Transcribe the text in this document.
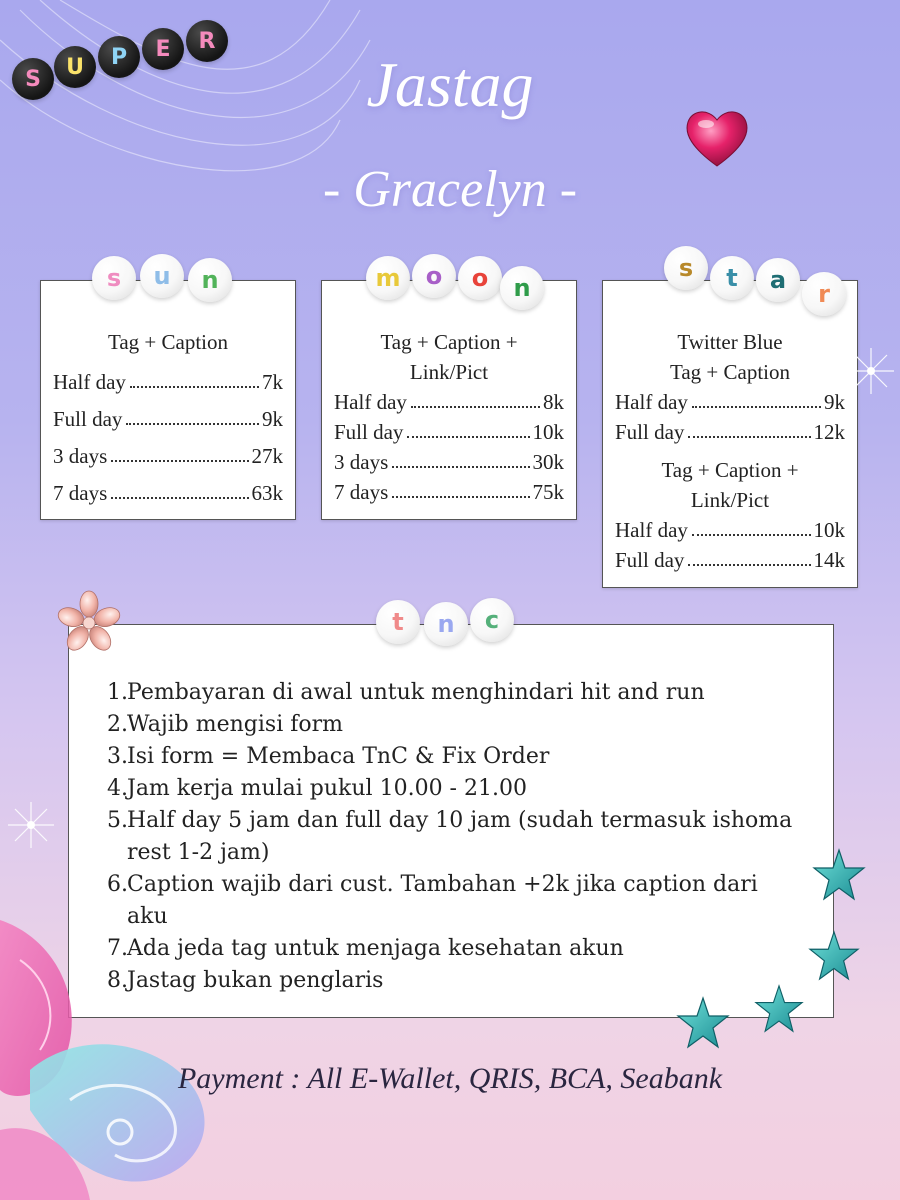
S U P E R
Jastag
- Gracelyn -
Tag + Caption
Half day	7k
Full day	9k
3 days	27k
7 days	63k
s u n
Tag + Caption +
Link/Pict
Half day	8k
Full day	10k
3 days	30k
7 days	75k
m o o n
Twitter Blue
Tag + Caption
Half day	9k
Full day	12k
Tag + Caption +
Link/Pict
Half day	10k
Full day	14k
s t a r
1. Pembayaran di awal untuk menghindari hit and run
2. Wajib mengisi form
3. Isi form = Membaca TnC & Fix Order
4. Jam kerja mulai pukul 10.00 - 21.00
5. Half day 5 jam dan full day 10 jam (sudah termasuk ishoma rest 1-2 jam)
6. Caption wajib dari cust. Tambahan +2k jika caption dari aku
7. Ada jeda tag untuk menjaga kesehatan akun
8. Jastag bukan penglaris
t n c
Payment : All E-Wallet, QRIS, BCA, Seabank
